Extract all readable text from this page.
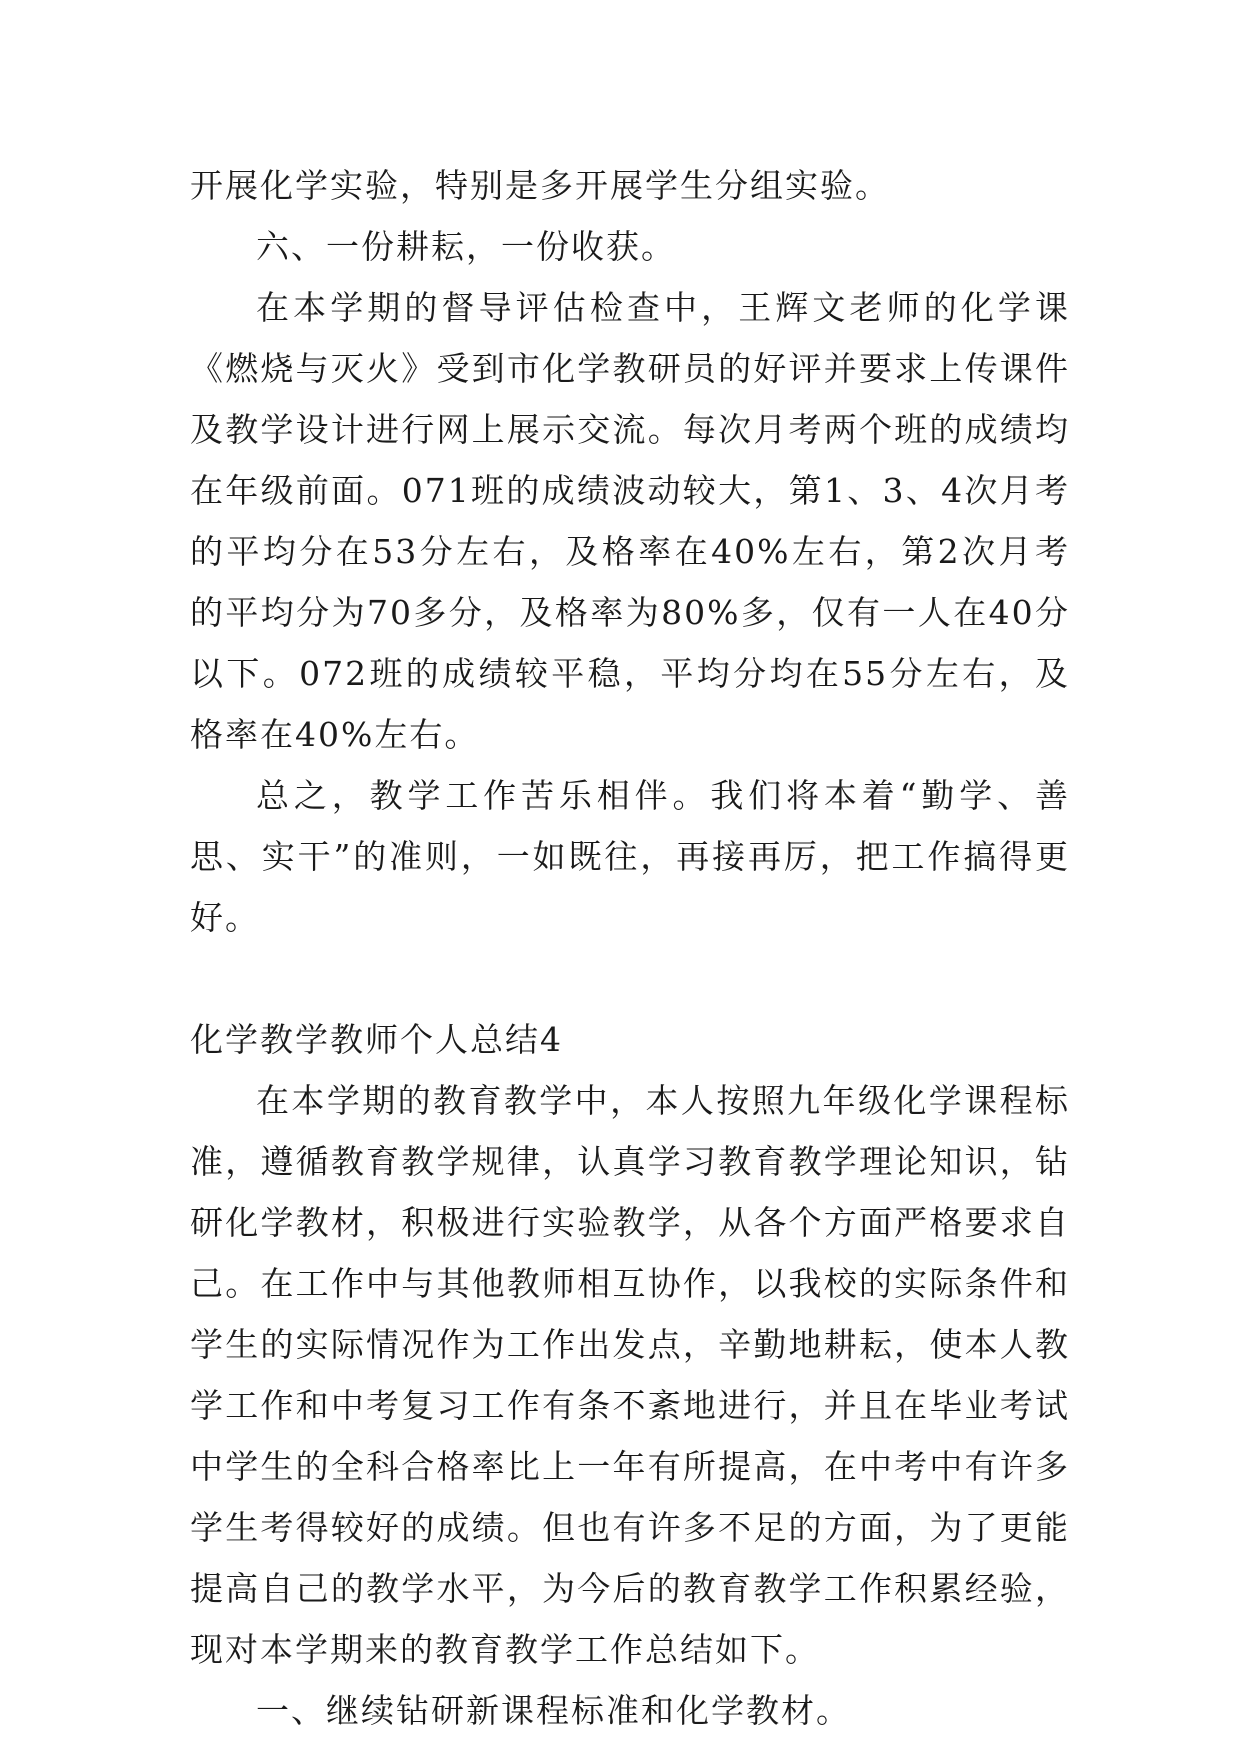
开展化学实验，特别是多开展学生分组实验。

六、一份耕耘，一份收获。

在本学期的督导评估检查中，王辉文老师的化学课《燃烧与灭火》受到市化学教研员的好评并要求上传课件及教学设计进行网上展示交流。每次月考两个班的成绩均在年级前面。071班的成绩波动较大，第1、3、4次月考的平均分在53分左右，及格率在40%左右，第2次月考的平均分为70多分，及格率为80%多，仅有一人在40分以下。072班的成绩较平稳，平均分均在55分左右，及格率在40%左右。

总之，教学工作苦乐相伴。我们将本着“勤学、善思、实干”的准则，一如既往，再接再厉，把工作搞得更好。

化学教学教师个人总结4

在本学期的教育教学中，本人按照九年级化学课程标准，遵循教育教学规律，认真学习教育教学理论知识，钻研化学教材，积极进行实验教学，从各个方面严格要求自己。在工作中与其他教师相互协作，以我校的实际条件和学生的实际情况作为工作出发点，辛勤地耕耘，使本人教学工作和中考复习工作有条不紊地进行，并且在毕业考试中学生的全科合格率比上一年有所提高，在中考中有许多学生考得较好的成绩。但也有许多不足的方面，为了更能提高自己的教学水平，为今后的教育教学工作积累经验，现对本学期来的教育教学工作总结如下。

一、继续钻研新课程标准和化学教材。
